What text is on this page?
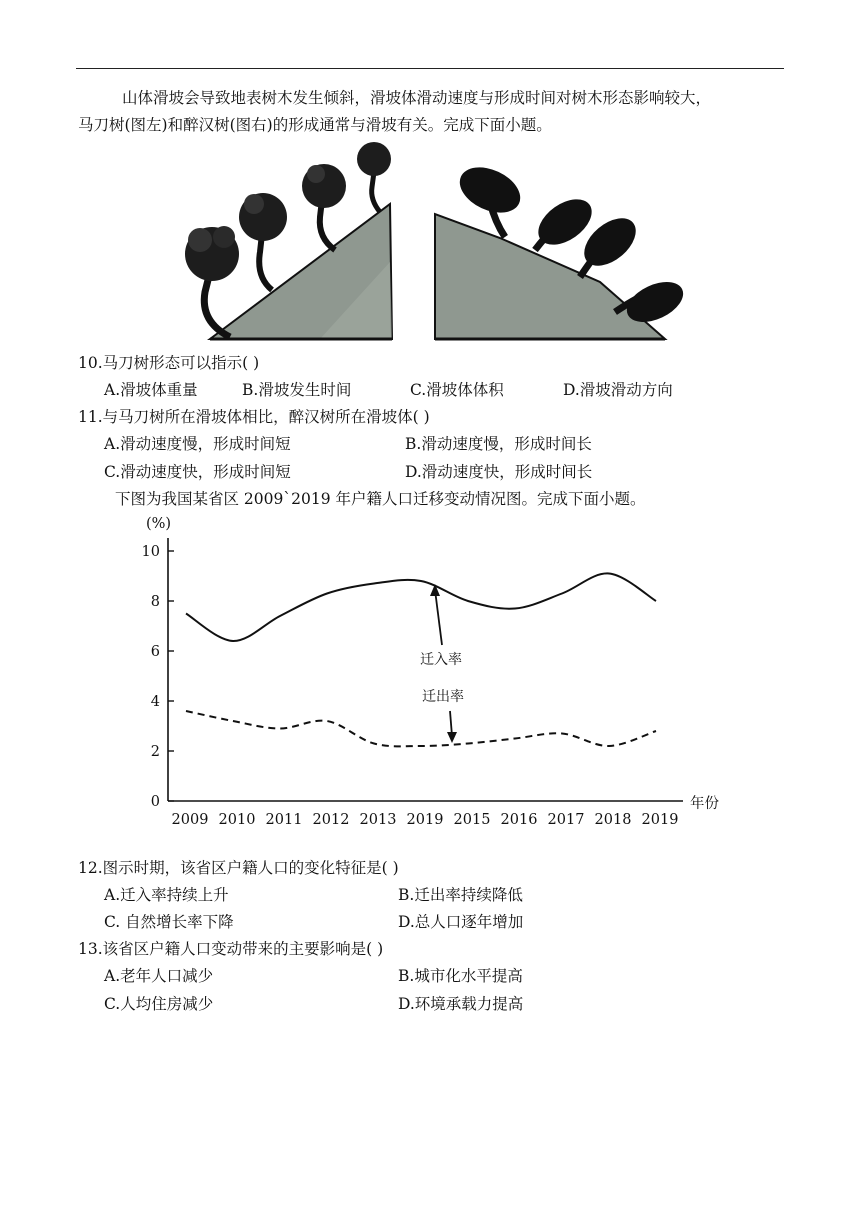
山体滑坡会导致地表树木发生倾斜，滑坡体滑动速度与形成时间对树木形态影响较大，
马刀树(图左)和醉汉树(图右)的形成通常与滑坡有关。完成下面小题。
10.马刀树形态可以指示( )
A.滑坡体重量	B.滑坡发生时间	C.滑坡体体积	D.滑坡滑动方向
11.与马刀树所在滑坡体相比，醉汉树所在滑坡体( )
A.滑动速度慢，形成时间短	B.滑动速度慢，形成时间长
C.滑动速度快，形成时间短	D.滑动速度快，形成时间长
下图为我国某省区 2009`2019 年户籍人口迁移变动情况图。完成下面小题。
(%)
年份
0
2
4
6
8
10
2009 2010 2011 2012 2013 2019 2015 2016 2017 2018 2019
迁入率
迁出率
12.图示时期，该省区户籍人口的变化特征是( )
A.迁入率持续上升	B.迁出率持续降低
C. 自然增长率下降	D.总人口逐年增加
13.该省区户籍人口变动带来的主要影响是( )
A.老年人口减少	B.城市化水平提高
C.人均住房减少	D.环境承载力提高
